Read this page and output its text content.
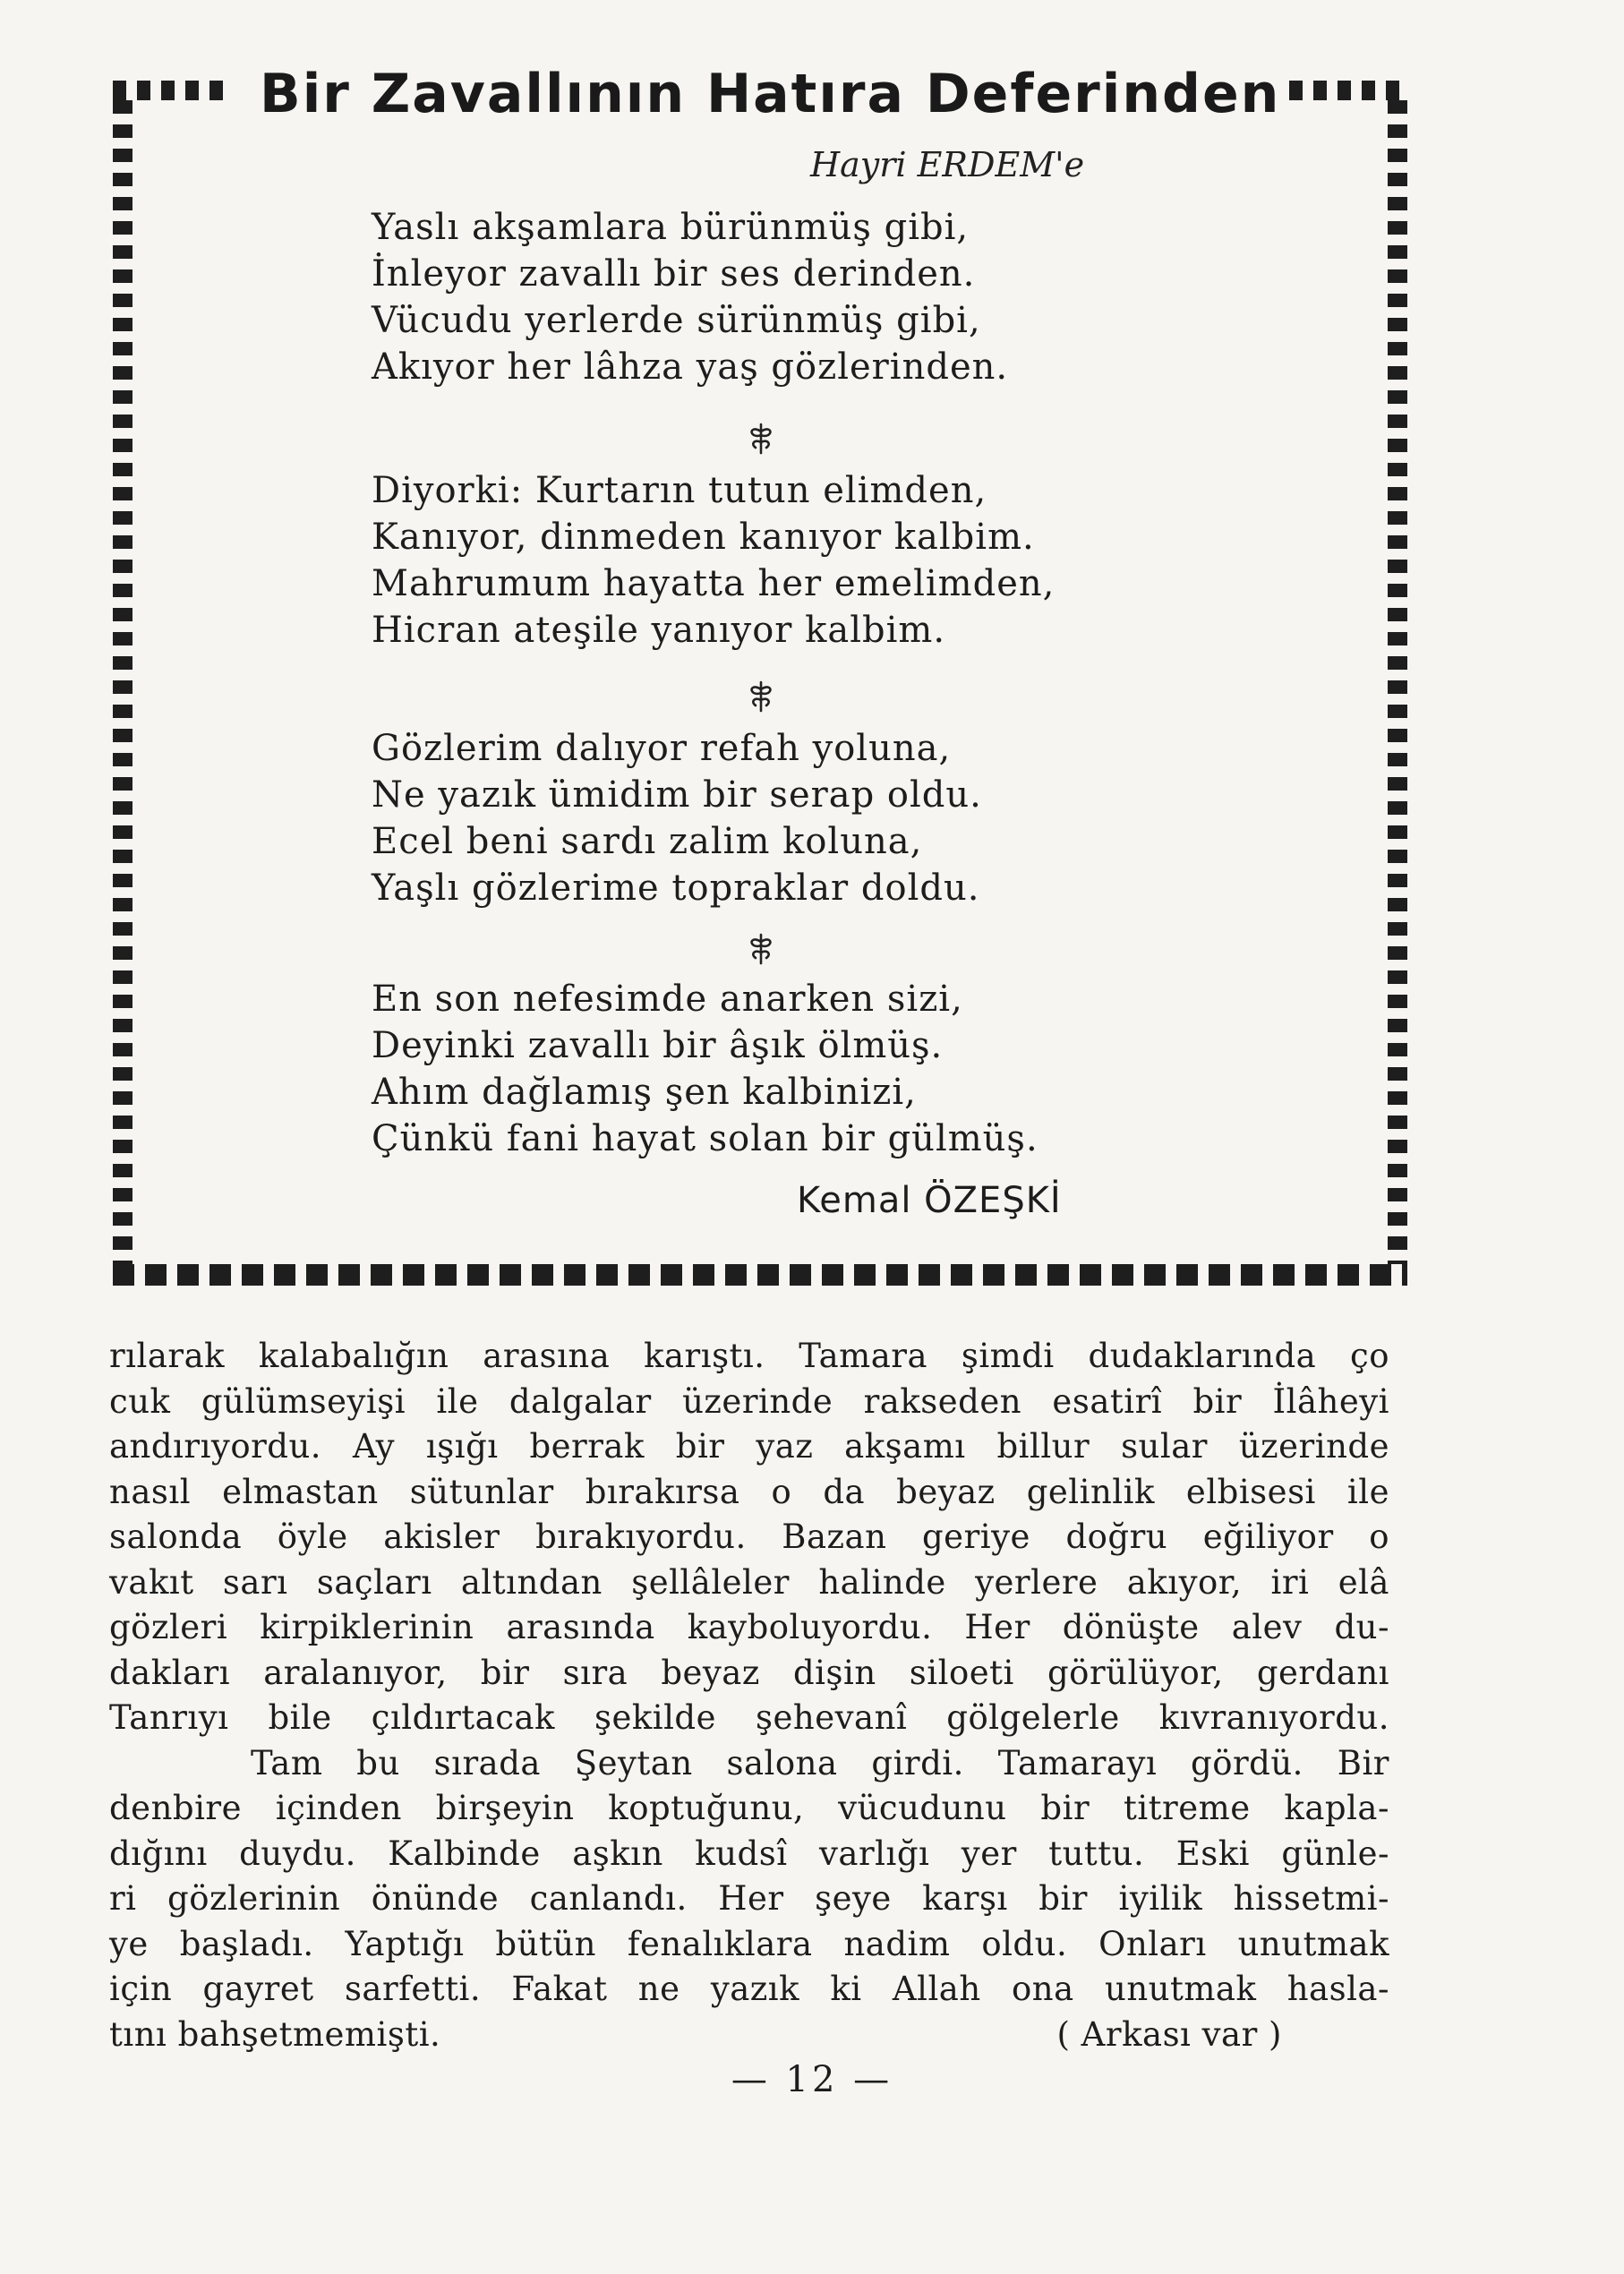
Bir Zavallının Hatıra Deferinden
Hayri ERDEM'e
Yaslı akşamlara bürünmüş gibi,
İnleyor zavallı bir ses derinden.
Vücudu yerlerde sürünmüş gibi,
Akıyor her lâhza yaş gözlerinden.
Diyorki: Kurtarın tutun elimden,
Kanıyor, dinmeden kanıyor kalbim.
Mahrumum hayatta her emelimden,
Hicran ateşile yanıyor kalbim.
Gözlerim dalıyor refah yoluna,
Ne yazık ümidim bir serap oldu.
Ecel beni sardı zalim koluna,
Yaşlı gözlerime topraklar doldu.
En son nefesimde anarken sizi,
Deyinki zavallı bir âşık ölmüş.
Ahım dağlamış şen kalbinizi,
Çünkü fani hayat solan bir gülmüş.
Kemal ÖZEŞKİ
rılarak kalabalığın arasına karıştı. Tamara şimdi dudaklarında ço
cuk gülümseyişi ile dalgalar üzerinde rakseden esatirî bir İlâheyi
andırıyordu. Ay ışığı berrak bir yaz akşamı billur sular üzerinde
nasıl elmastan sütunlar bırakırsa o da beyaz gelinlik elbisesi ile
salonda öyle akisler bırakıyordu. Bazan geriye doğru eğiliyor o
vakıt sarı saçları altından şellâleler halinde yerlere akıyor, iri elâ
gözleri kirpiklerinin arasında kayboluyordu. Her dönüşte alev du-
dakları aralanıyor, bir sıra beyaz dişin siloeti görülüyor, gerdanı
Tanrıyı bile çıldırtacak şekilde şehevanî gölgelerle kıvranıyordu.
Tam bu sırada Şeytan salona girdi. Tamarayı gördü. Bir
denbire içinden birşeyin koptuğunu, vücudunu bir titreme kapla-
dığını duydu. Kalbinde aşkın kudsî varlığı yer tuttu. Eski günle-
ri gözlerinin önünde canlandı. Her şeye karşı bir iyilik hissetmi-
ye başladı. Yaptığı bütün fenalıklara nadim oldu. Onları unutmak
için gayret sarfetti. Fakat ne yazık ki Allah ona unutmak hasla-
tını bahşetmemişti.	( Arkası var )
— 12 —
